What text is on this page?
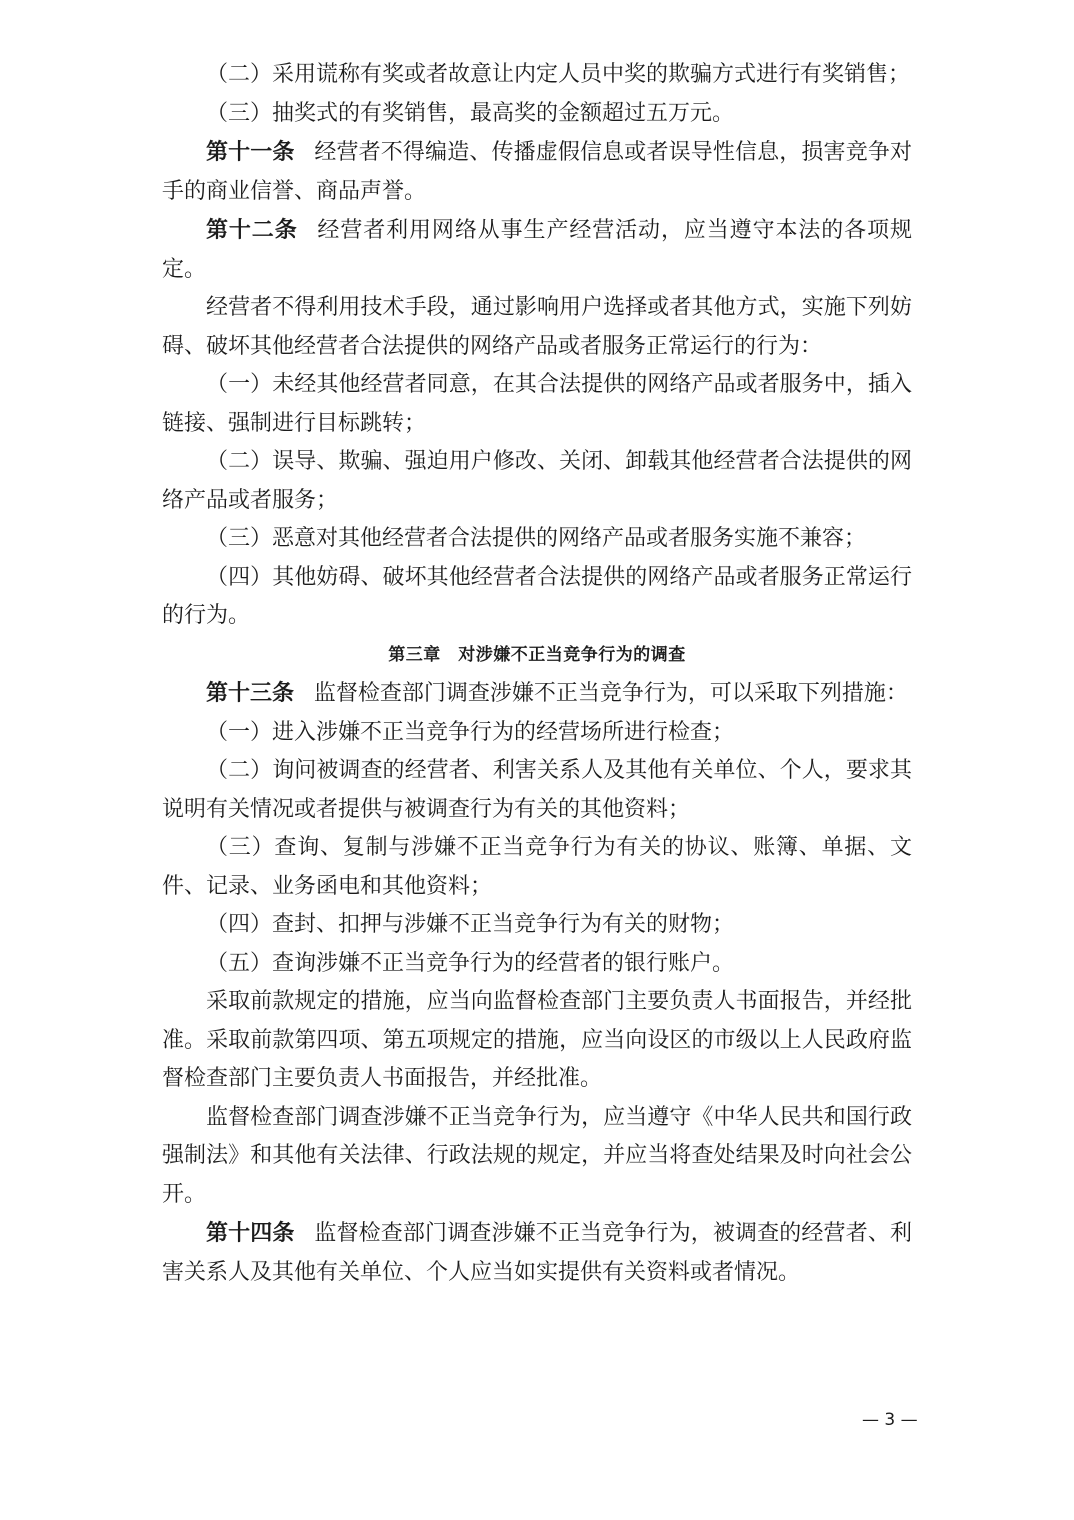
（二）采用谎称有奖或者故意让内定人员中奖的欺骗方式进行有奖销售；

（三）抽奖式的有奖销售，最高奖的金额超过五万元。

第十一条 经营者不得编造、传播虚假信息或者误导性信息，损害竞争对手的商业信誉、商品声誉。

第十二条 经营者利用网络从事生产经营活动，应当遵守本法的各项规定。

经营者不得利用技术手段，通过影响用户选择或者其他方式，实施下列妨碍、破坏其他经营者合法提供的网络产品或者服务正常运行的行为：

（一）未经其他经营者同意，在其合法提供的网络产品或者服务中，插入链接、强制进行目标跳转；

（二）误导、欺骗、强迫用户修改、关闭、卸载其他经营者合法提供的网络产品或者服务；

（三）恶意对其他经营者合法提供的网络产品或者服务实施不兼容；

（四）其他妨碍、破坏其他经营者合法提供的网络产品或者服务正常运行的行为。

第三章　对涉嫌不正当竞争行为的调查

第十三条 监督检查部门调查涉嫌不正当竞争行为，可以采取下列措施：

（一）进入涉嫌不正当竞争行为的经营场所进行检查；

（二）询问被调查的经营者、利害关系人及其他有关单位、个人，要求其说明有关情况或者提供与被调查行为有关的其他资料；

（三）查询、复制与涉嫌不正当竞争行为有关的协议、账簿、单据、文件、记录、业务函电和其他资料；

（四）查封、扣押与涉嫌不正当竞争行为有关的财物；

（五）查询涉嫌不正当竞争行为的经营者的银行账户。

采取前款规定的措施，应当向监督检查部门主要负责人书面报告，并经批准。采取前款第四项、第五项规定的措施，应当向设区的市级以上人民政府监督检查部门主要负责人书面报告，并经批准。

监督检查部门调查涉嫌不正当竞争行为，应当遵守《中华人民共和国行政强制法》和其他有关法律、行政法规的规定，并应当将查处结果及时向社会公开。

第十四条 监督检查部门调查涉嫌不正当竞争行为，被调查的经营者、利害关系人及其他有关单位、个人应当如实提供有关资料或者情况。

— 3 —
